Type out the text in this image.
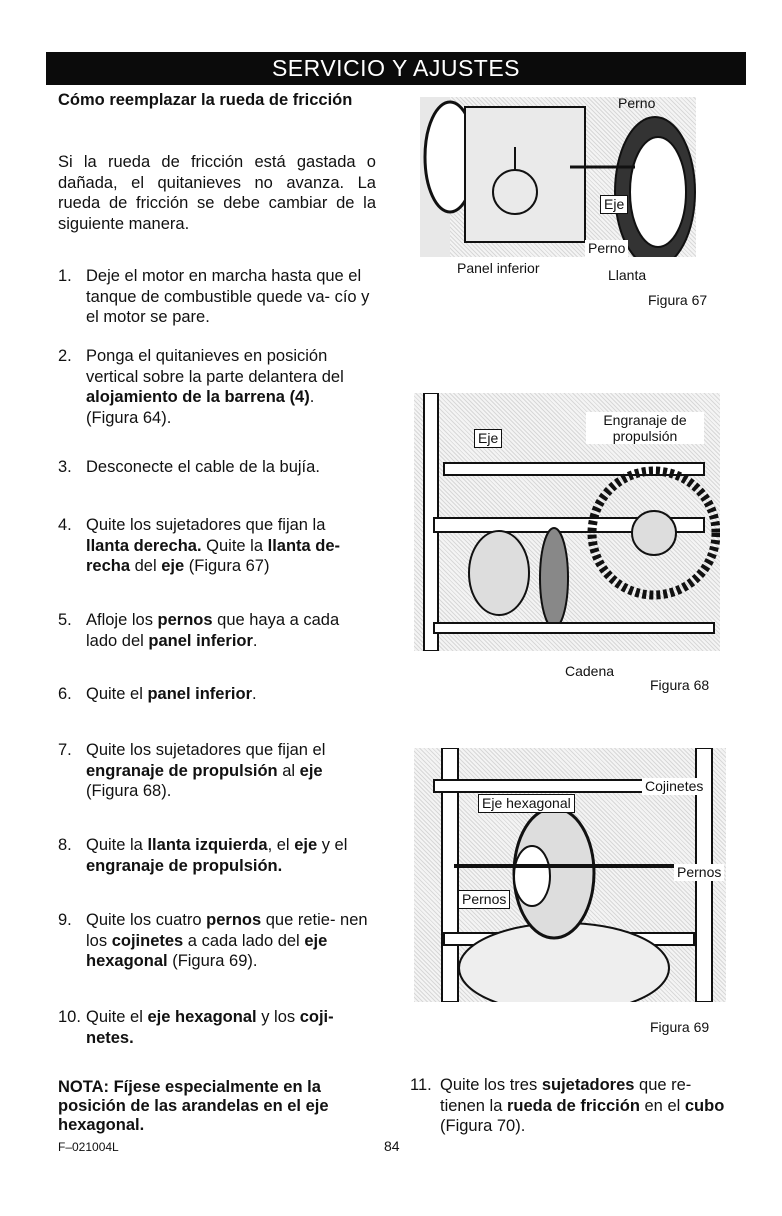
SERVICIO Y AJUSTES

Cómo reemplazar la rueda de fricción

Si la rueda de fricción está gastada o dañada, el quitanieves no avanza. La rueda de fricción se debe cambiar de la siguiente manera.

1. Deje el motor en marcha hasta que el tanque de combustible quede va- cío y el motor se pare.

2. Ponga el quitanieves en posición vertical sobre la parte delantera del alojamiento de la barrena (4). (Figura 64).

3. Desconecte el cable de la bujía.

4. Quite los sujetadores que fijan la llanta derecha. Quite la llanta de- recha del eje (Figura 67)

5. Afloje los pernos que haya a cada lado del panel inferior.

6. Quite el panel inferior.

7. Quite los sujetadores que fijan el engranaje de propulsión al eje (Figura 68).

8. Quite la llanta izquierda, el eje y el engranaje de propulsión.

9. Quite los cuatro pernos que retie- nen los cojinetes a cada lado del eje hexagonal (Figura 69).

10. Quite el eje hexagonal y los coji- netes.

NOTA: Fíjese especialmente en la posición de las arandelas en el eje hexagonal.

Perno
Eje
Perno
Panel inferior	Llanta
Figura 67
Eje
Engranaje de propulsión
Cadena
Figura 68
Eje hexagonal
Cojinetes
Pernos
Pernos
Figura 69
11. Quite los tres sujetadores que re- tienen la rueda de fricción en el cubo (Figura 70).
F–021004L	84
